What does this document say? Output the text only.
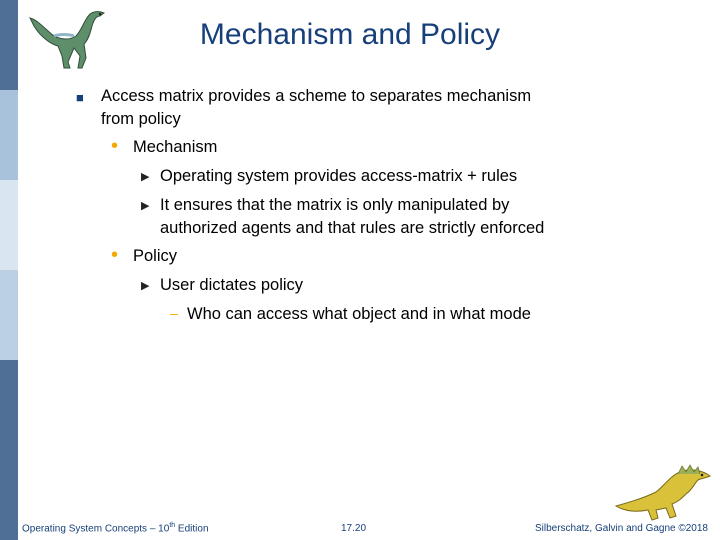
Mechanism and Policy
■ Access matrix provides a scheme to separates mechanism
from policy
• Mechanism
▶ Operating system provides access-matrix + rules
▶ It ensures that the matrix is only manipulated by
authorized agents and that rules are strictly enforced
• Policy
▶ User dictates policy
– Who can access what object and in what mode
Operating System Concepts – 10th Edition	17.20	Silberschatz, Galvin and Gagne ©2018
